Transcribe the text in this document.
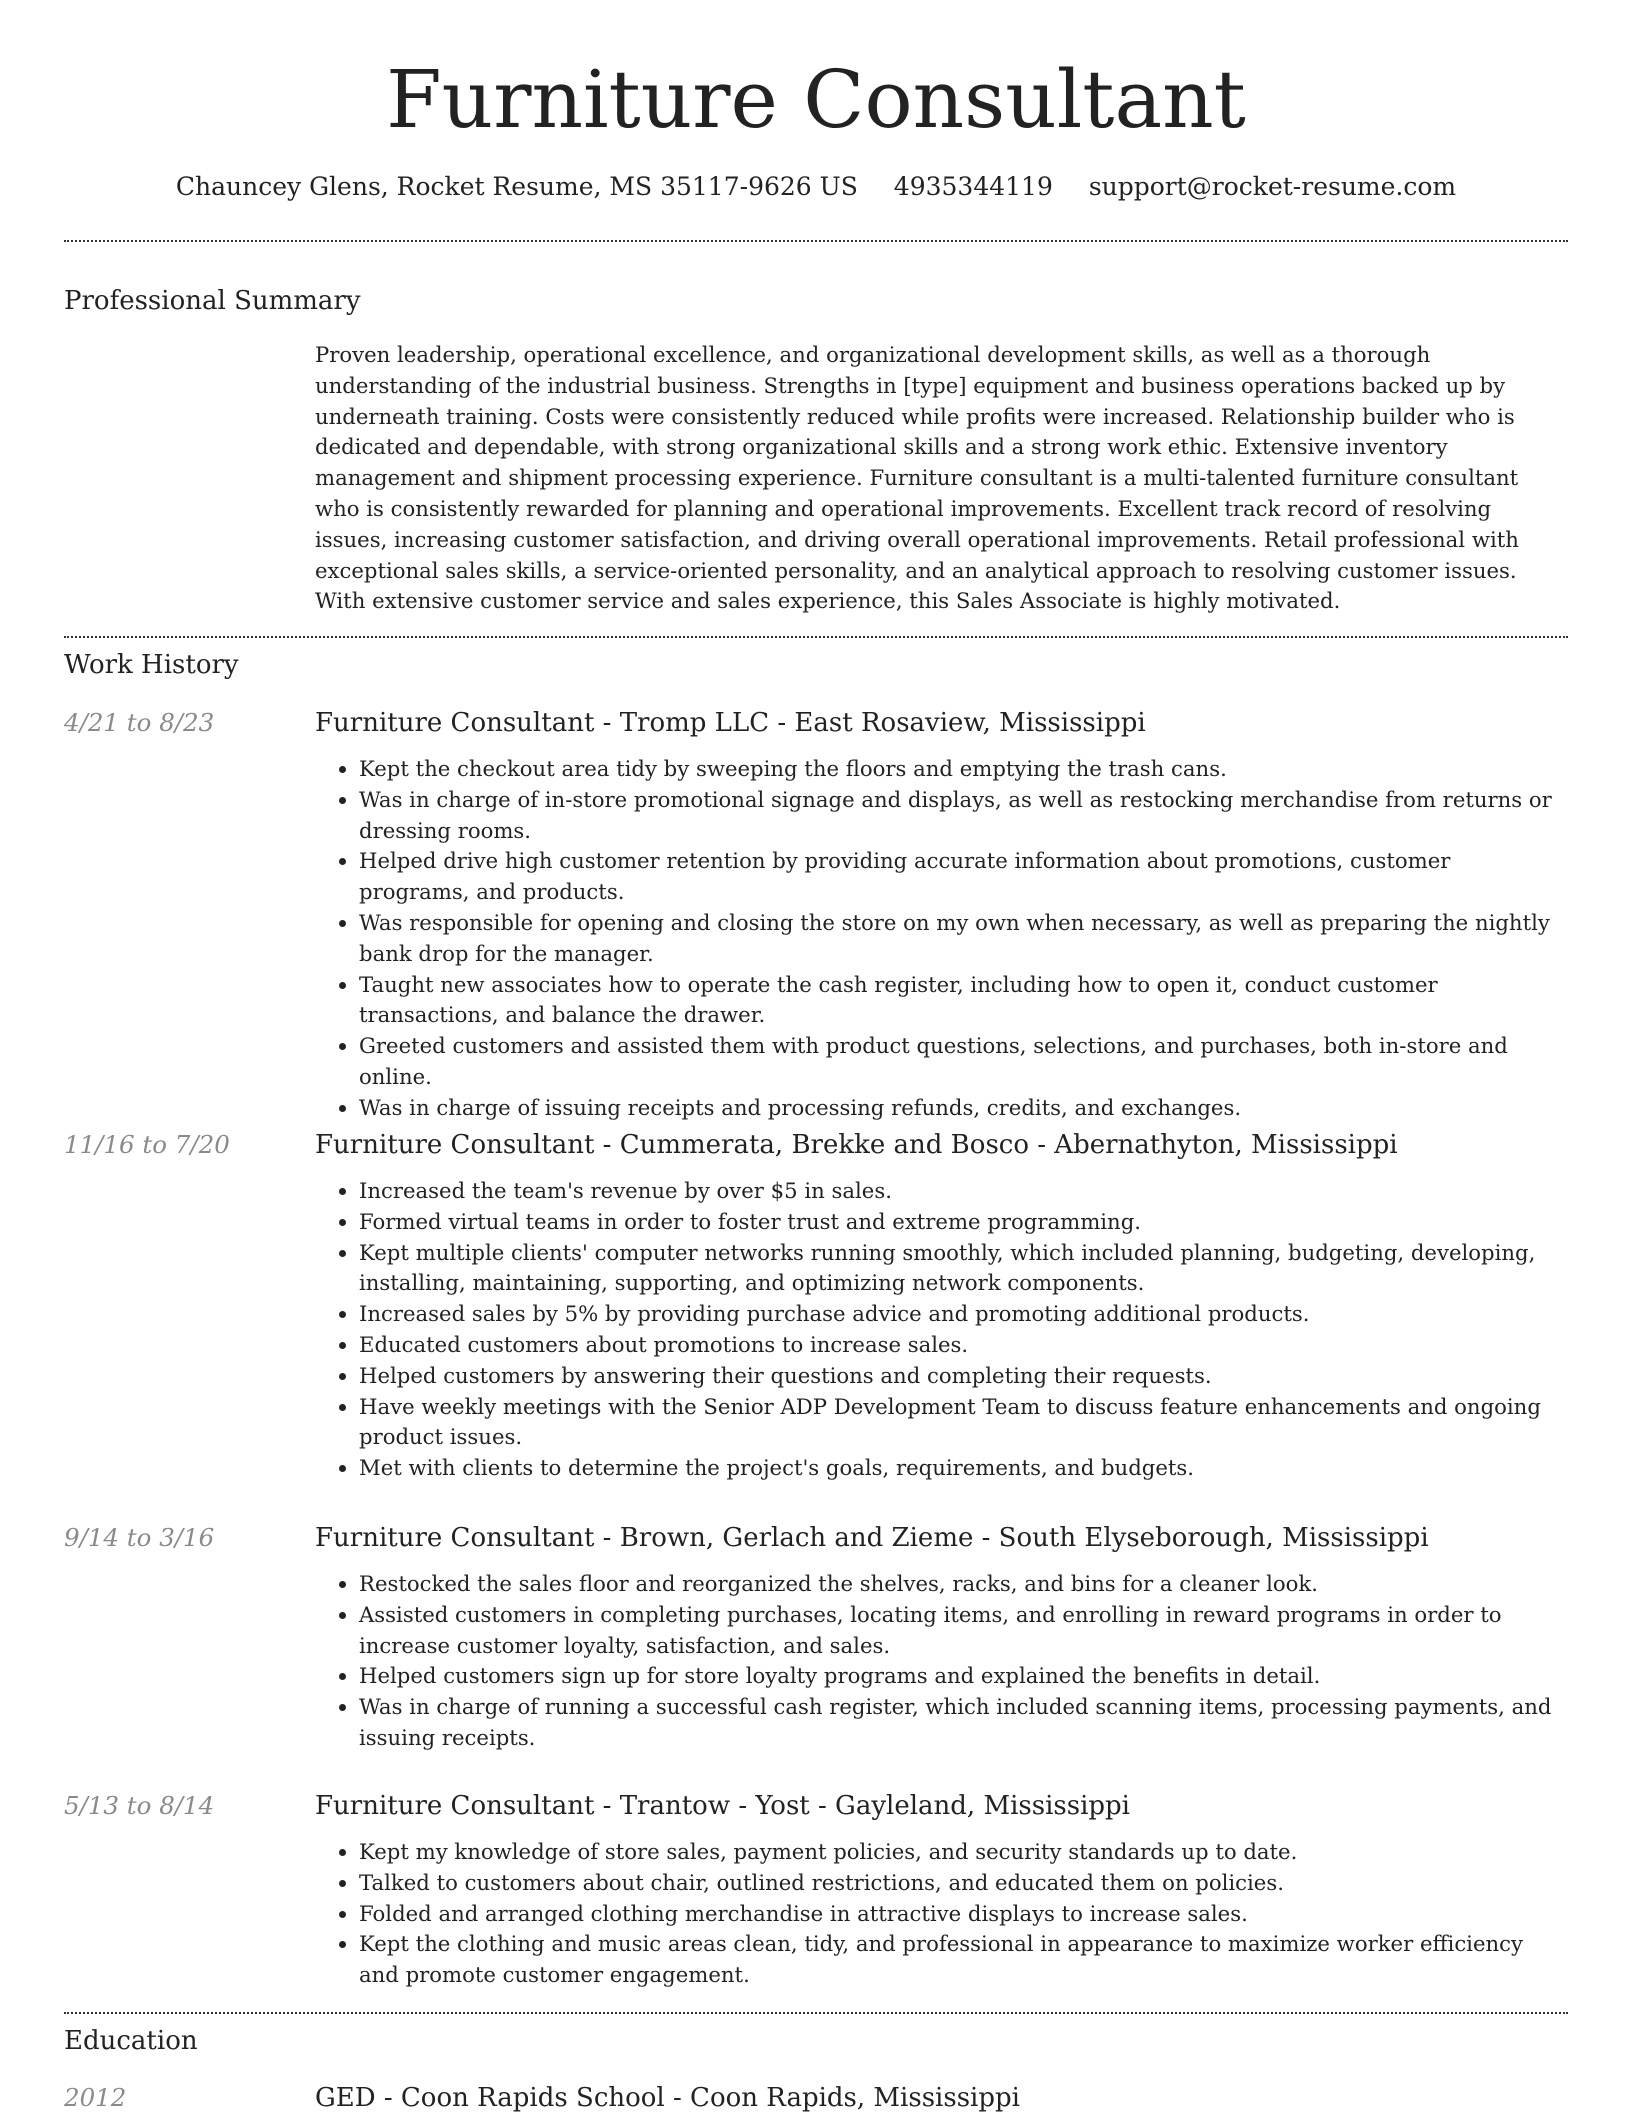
Furniture Consultant
Chauncey Glens, Rocket Resume, MS 35117-9626 US 4935344119 support@rocket-resume.com
Professional Summary

Proven leadership, operational excellence, and organizational development skills, as well as a thorough understanding of the industrial business. Strengths in [type] equipment and business operations backed up by underneath training. Costs were consistently reduced while profits were increased. Relationship builder who is dedicated and dependable, with strong organizational skills and a strong work ethic. Extensive inventory management and shipment processing experience. Furniture consultant is a multi-talented furniture consultant who is consistently rewarded for planning and operational improvements. Excellent track record of resolving issues, increasing customer satisfaction, and driving overall operational improvements. Retail professional with exceptional sales skills, a service-oriented personality, and an analytical approach to resolving customer issues. With extensive customer service and sales experience, this Sales Associate is highly motivated.

Work History
4/21 to 8/23	Furniture Consultant - Tromp LLC - East Rosaview, Mississippi
• Kept the checkout area tidy by sweeping the floors and emptying the trash cans.
• Was in charge of in-store promotional signage and displays, as well as restocking merchandise from returns or dressing rooms.
• Helped drive high customer retention by providing accurate information about promotions, customer programs, and products.
• Was responsible for opening and closing the store on my own when necessary, as well as preparing the nightly bank drop for the manager.
• Taught new associates how to operate the cash register, including how to open it, conduct customer transactions, and balance the drawer.
• Greeted customers and assisted them with product questions, selections, and purchases, both in-store and online.
• Was in charge of issuing receipts and processing refunds, credits, and exchanges.
11/16 to 7/20	Furniture Consultant - Cummerata, Brekke and Bosco - Abernathyton, Mississippi
• Increased the team's revenue by over $5 in sales.
• Formed virtual teams in order to foster trust and extreme programming.
• Kept multiple clients' computer networks running smoothly, which included planning, budgeting, developing, installing, maintaining, supporting, and optimizing network components.
• Increased sales by 5% by providing purchase advice and promoting additional products.
• Educated customers about promotions to increase sales.
• Helped customers by answering their questions and completing their requests.
• Have weekly meetings with the Senior ADP Development Team to discuss feature enhancements and ongoing product issues.
• Met with clients to determine the project's goals, requirements, and budgets.
9/14 to 3/16	Furniture Consultant - Brown, Gerlach and Zieme - South Elyseborough, Mississippi
• Restocked the sales floor and reorganized the shelves, racks, and bins for a cleaner look.
• Assisted customers in completing purchases, locating items, and enrolling in reward programs in order to increase customer loyalty, satisfaction, and sales.
• Helped customers sign up for store loyalty programs and explained the benefits in detail.
• Was in charge of running a successful cash register, which included scanning items, processing payments, and issuing receipts.
5/13 to 8/14	Furniture Consultant - Trantow - Yost - Gayleland, Mississippi
• Kept my knowledge of store sales, payment policies, and security standards up to date.
• Talked to customers about chair, outlined restrictions, and educated them on policies.
• Folded and arranged clothing merchandise in attractive displays to increase sales.
• Kept the clothing and music areas clean, tidy, and professional in appearance to maximize worker efficiency and promote customer engagement.
Education
2012	GED - Coon Rapids School - Coon Rapids, Mississippi
